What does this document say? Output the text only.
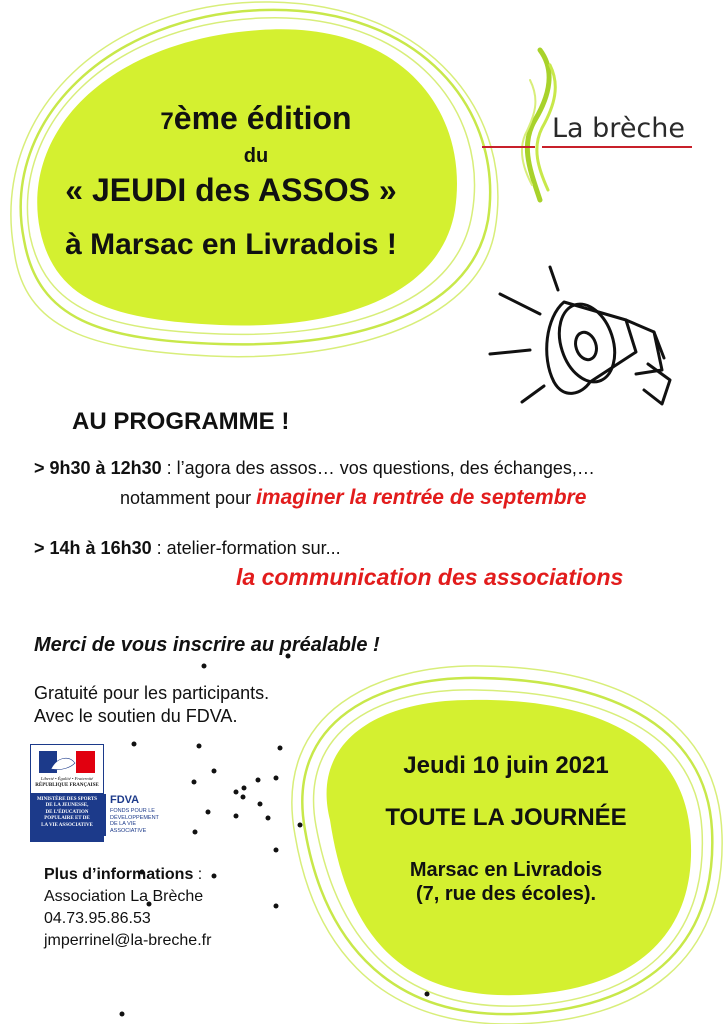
7ème édition
du
« JEUDI des ASSOS »
à Marsac en Livradois !
La brèche
AU PROGRAMME !
> 9h30 à 12h30 : l’agora des assos… vos questions, des échanges,…
notamment pour imaginer la rentrée de septembre
> 14h à 16h30 : atelier-formation sur...
la communication des associations
Merci de vous inscrire au préalable !
Gratuité pour les participants.
Avec le soutien du FDVA.
Liberté • Égalité • Fraternité
RÉPUBLIQUE FRANÇAISE
MINISTÈRE DES SPORTS
DE LA JEUNESSE,
DE L’ÉDUCATION
POPULAIRE ET DE
LA VIE ASSOCIATIVE
FDVA
FONDS POUR LE
DÉVELOPPEMENT
DE LA VIE
ASSOCIATIVE
Jeudi 10 juin 2021
TOUTE LA JOURNÉE
Marsac en Livradois
(7, rue des écoles).
Plus d’informations :
Association La Brèche
04.73.95.86.53
jmperrinel@la-breche.fr
